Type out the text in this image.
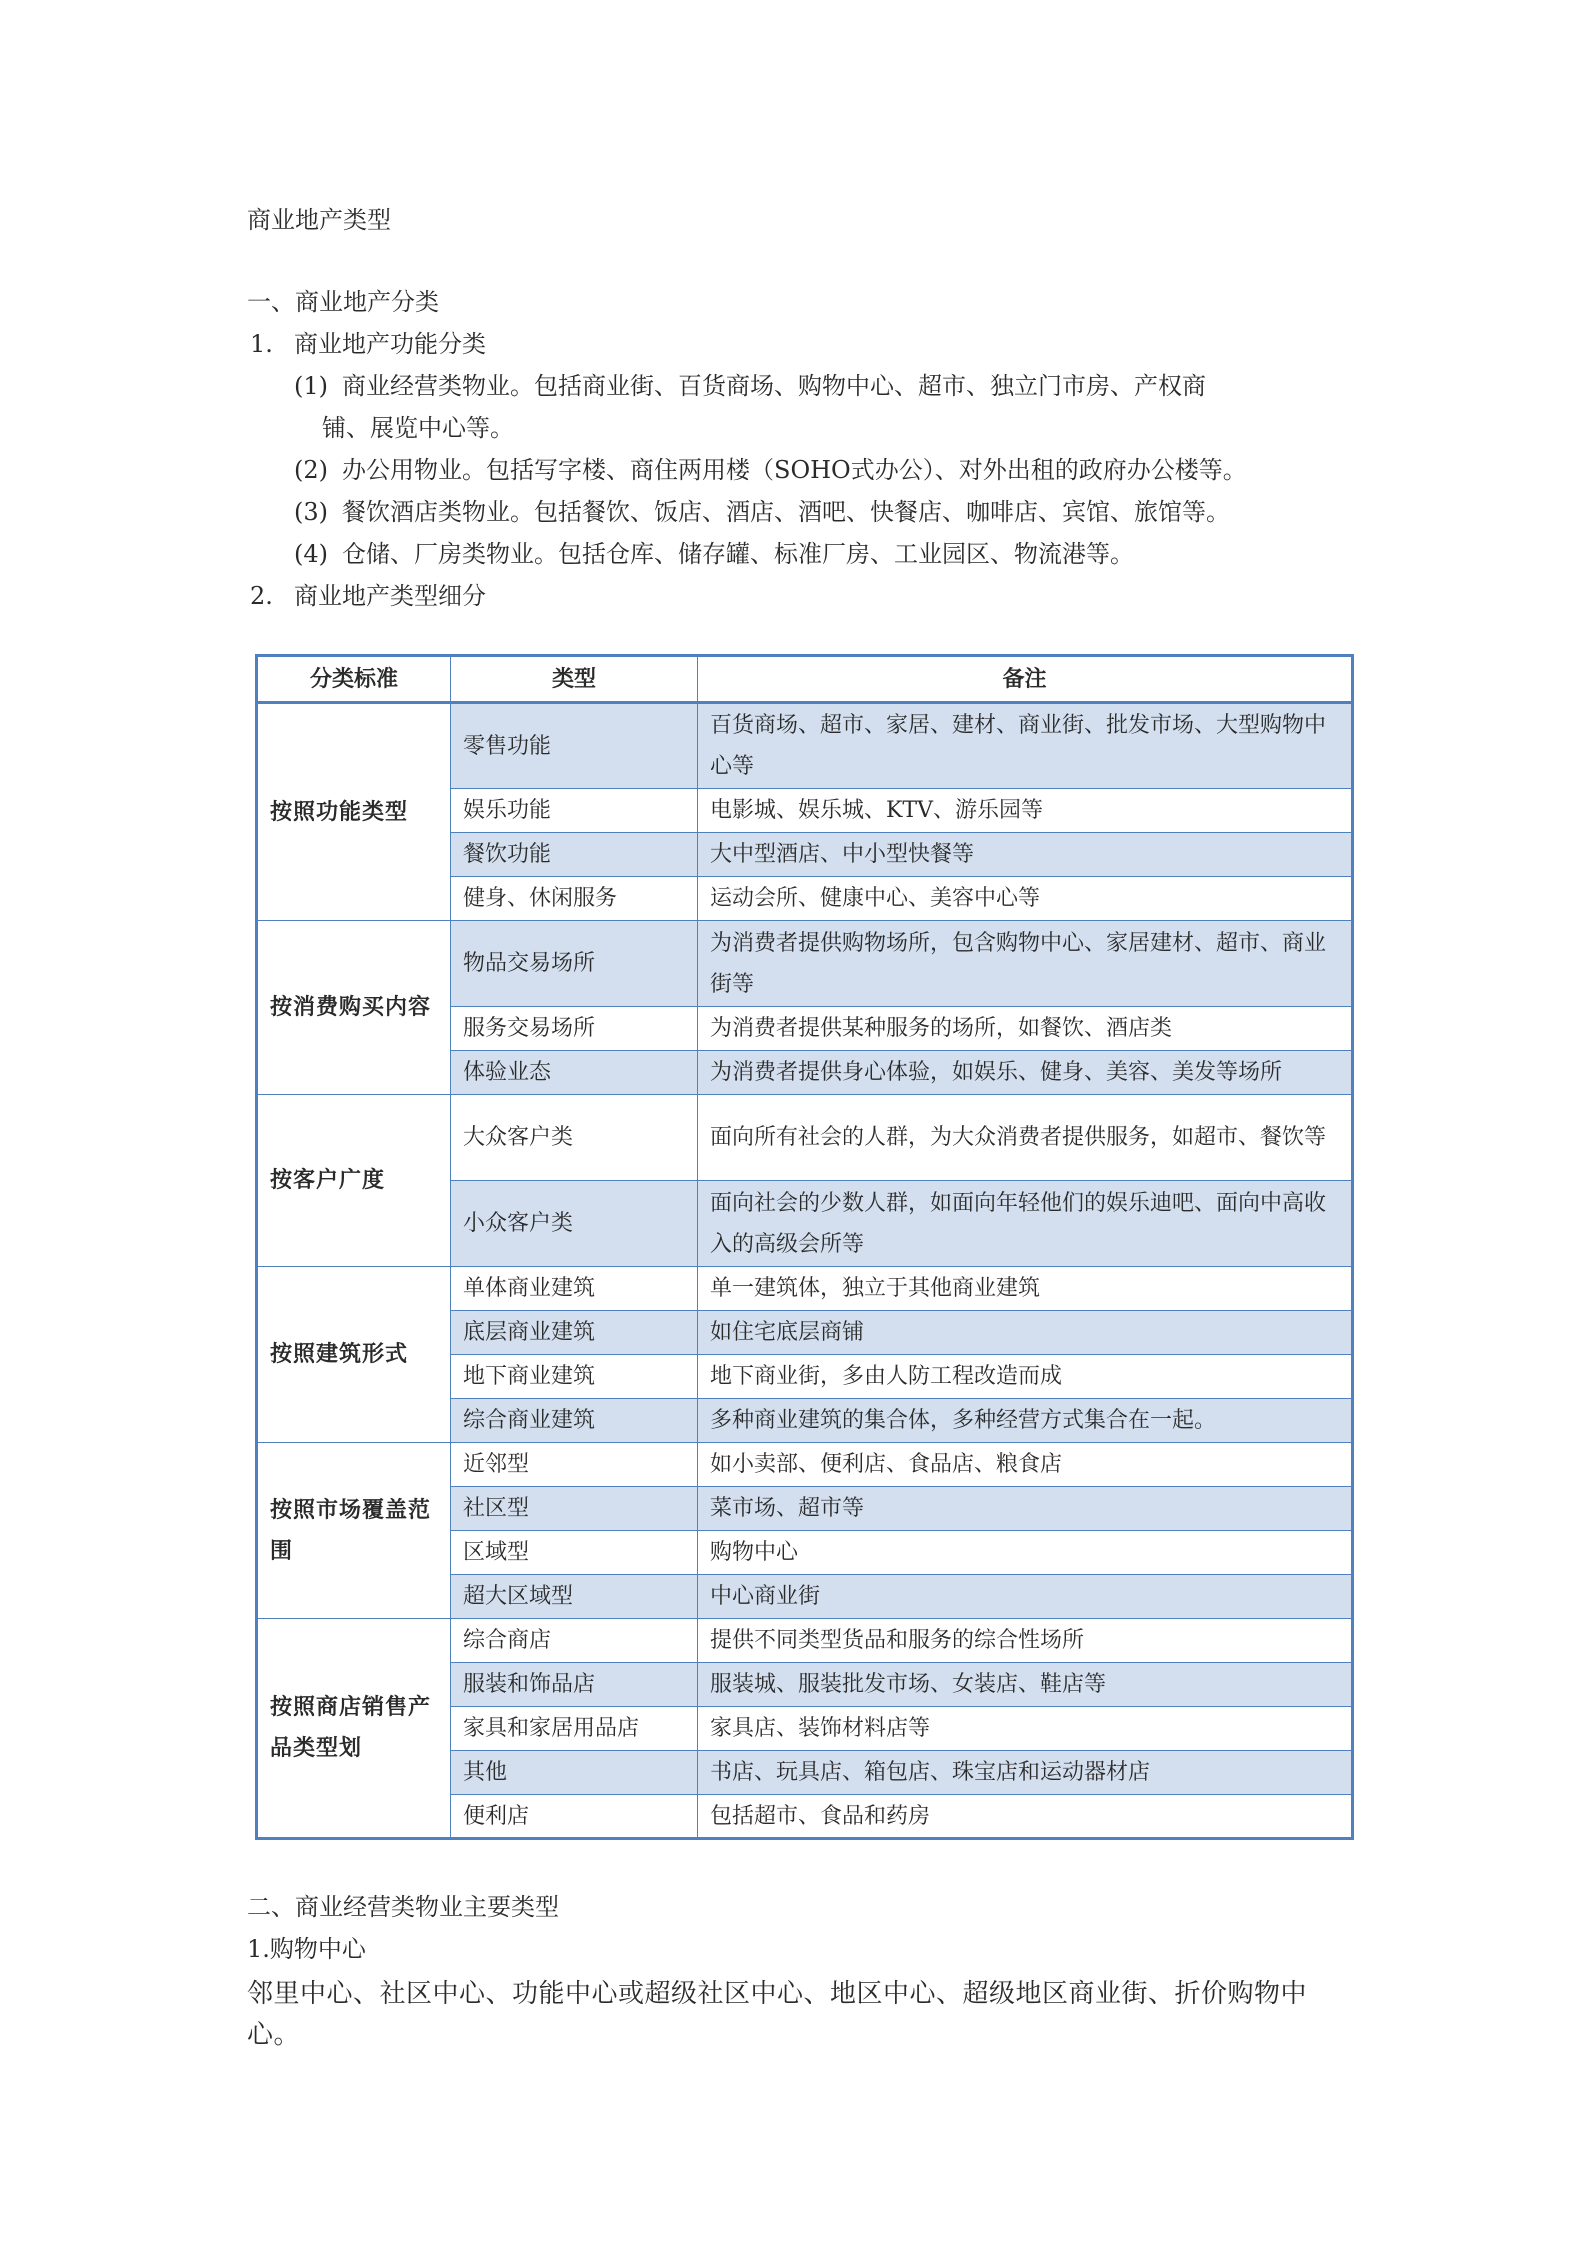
商业地产类型
一、商业地产分类
1. 商业地产功能分类
(1) 商业经营类物业。包括商业街、百货商场、购物中心、超市、独立门市房、产权商
铺、展览中心等。
(2) 办公用物业。包括写字楼、商住两用楼（SOHO式办公）、对外出租的政府办公楼等。
(3) 餐饮酒店类物业。包括餐饮、饭店、酒店、酒吧、快餐店、咖啡店、宾馆、旅馆等。
(4) 仓储、厂房类物业。包括仓库、储存罐、标准厂房、工业园区、物流港等。
2. 商业地产类型细分
分类标准	类型	备注
按照功能类型	零售功能	百货商场、超市、家居、建材、商业街、批发市场、大型购物中心等
	娱乐功能	电影城、娱乐城、KTV、游乐园等
	餐饮功能	大中型酒店、中小型快餐等
	健身、休闲服务	运动会所、健康中心、美容中心等
按消费购买内容	物品交易场所	为消费者提供购物场所，包含购物中心、家居建材、超市、商业街等
	服务交易场所	为消费者提供某种服务的场所，如餐饮、酒店类
	体验业态	为消费者提供身心体验，如娱乐、健身、美容、美发等场所
按客户广度	大众客户类	面向所有社会的人群，为大众消费者提供服务，如超市、餐饮等
	小众客户类	面向社会的少数人群，如面向年轻他们的娱乐迪吧、面向中高收入的高级会所等
按照建筑形式	单体商业建筑	单一建筑体，独立于其他商业建筑
	底层商业建筑	如住宅底层商铺
	地下商业建筑	地下商业街，多由人防工程改造而成
	综合商业建筑	多种商业建筑的集合体，多种经营方式集合在一起。
按照市场覆盖范围	近邻型	如小卖部、便利店、食品店、粮食店
	社区型	菜市场、超市等
	区域型	购物中心
	超大区域型	中心商业街
按照商店销售产品类型划	综合商店	提供不同类型货品和服务的综合性场所
	服装和饰品店	服装城、服装批发市场、女装店、鞋店等
	家具和家居用品店	家具店、装饰材料店等
	其他	书店、玩具店、箱包店、珠宝店和运动器材店
	便利店	包括超市、食品和药房
二、商业经营类物业主要类型
1.购物中心
邻里中心、社区中心、功能中心或超级社区中心、地区中心、超级地区商业街、折价购物中心。
